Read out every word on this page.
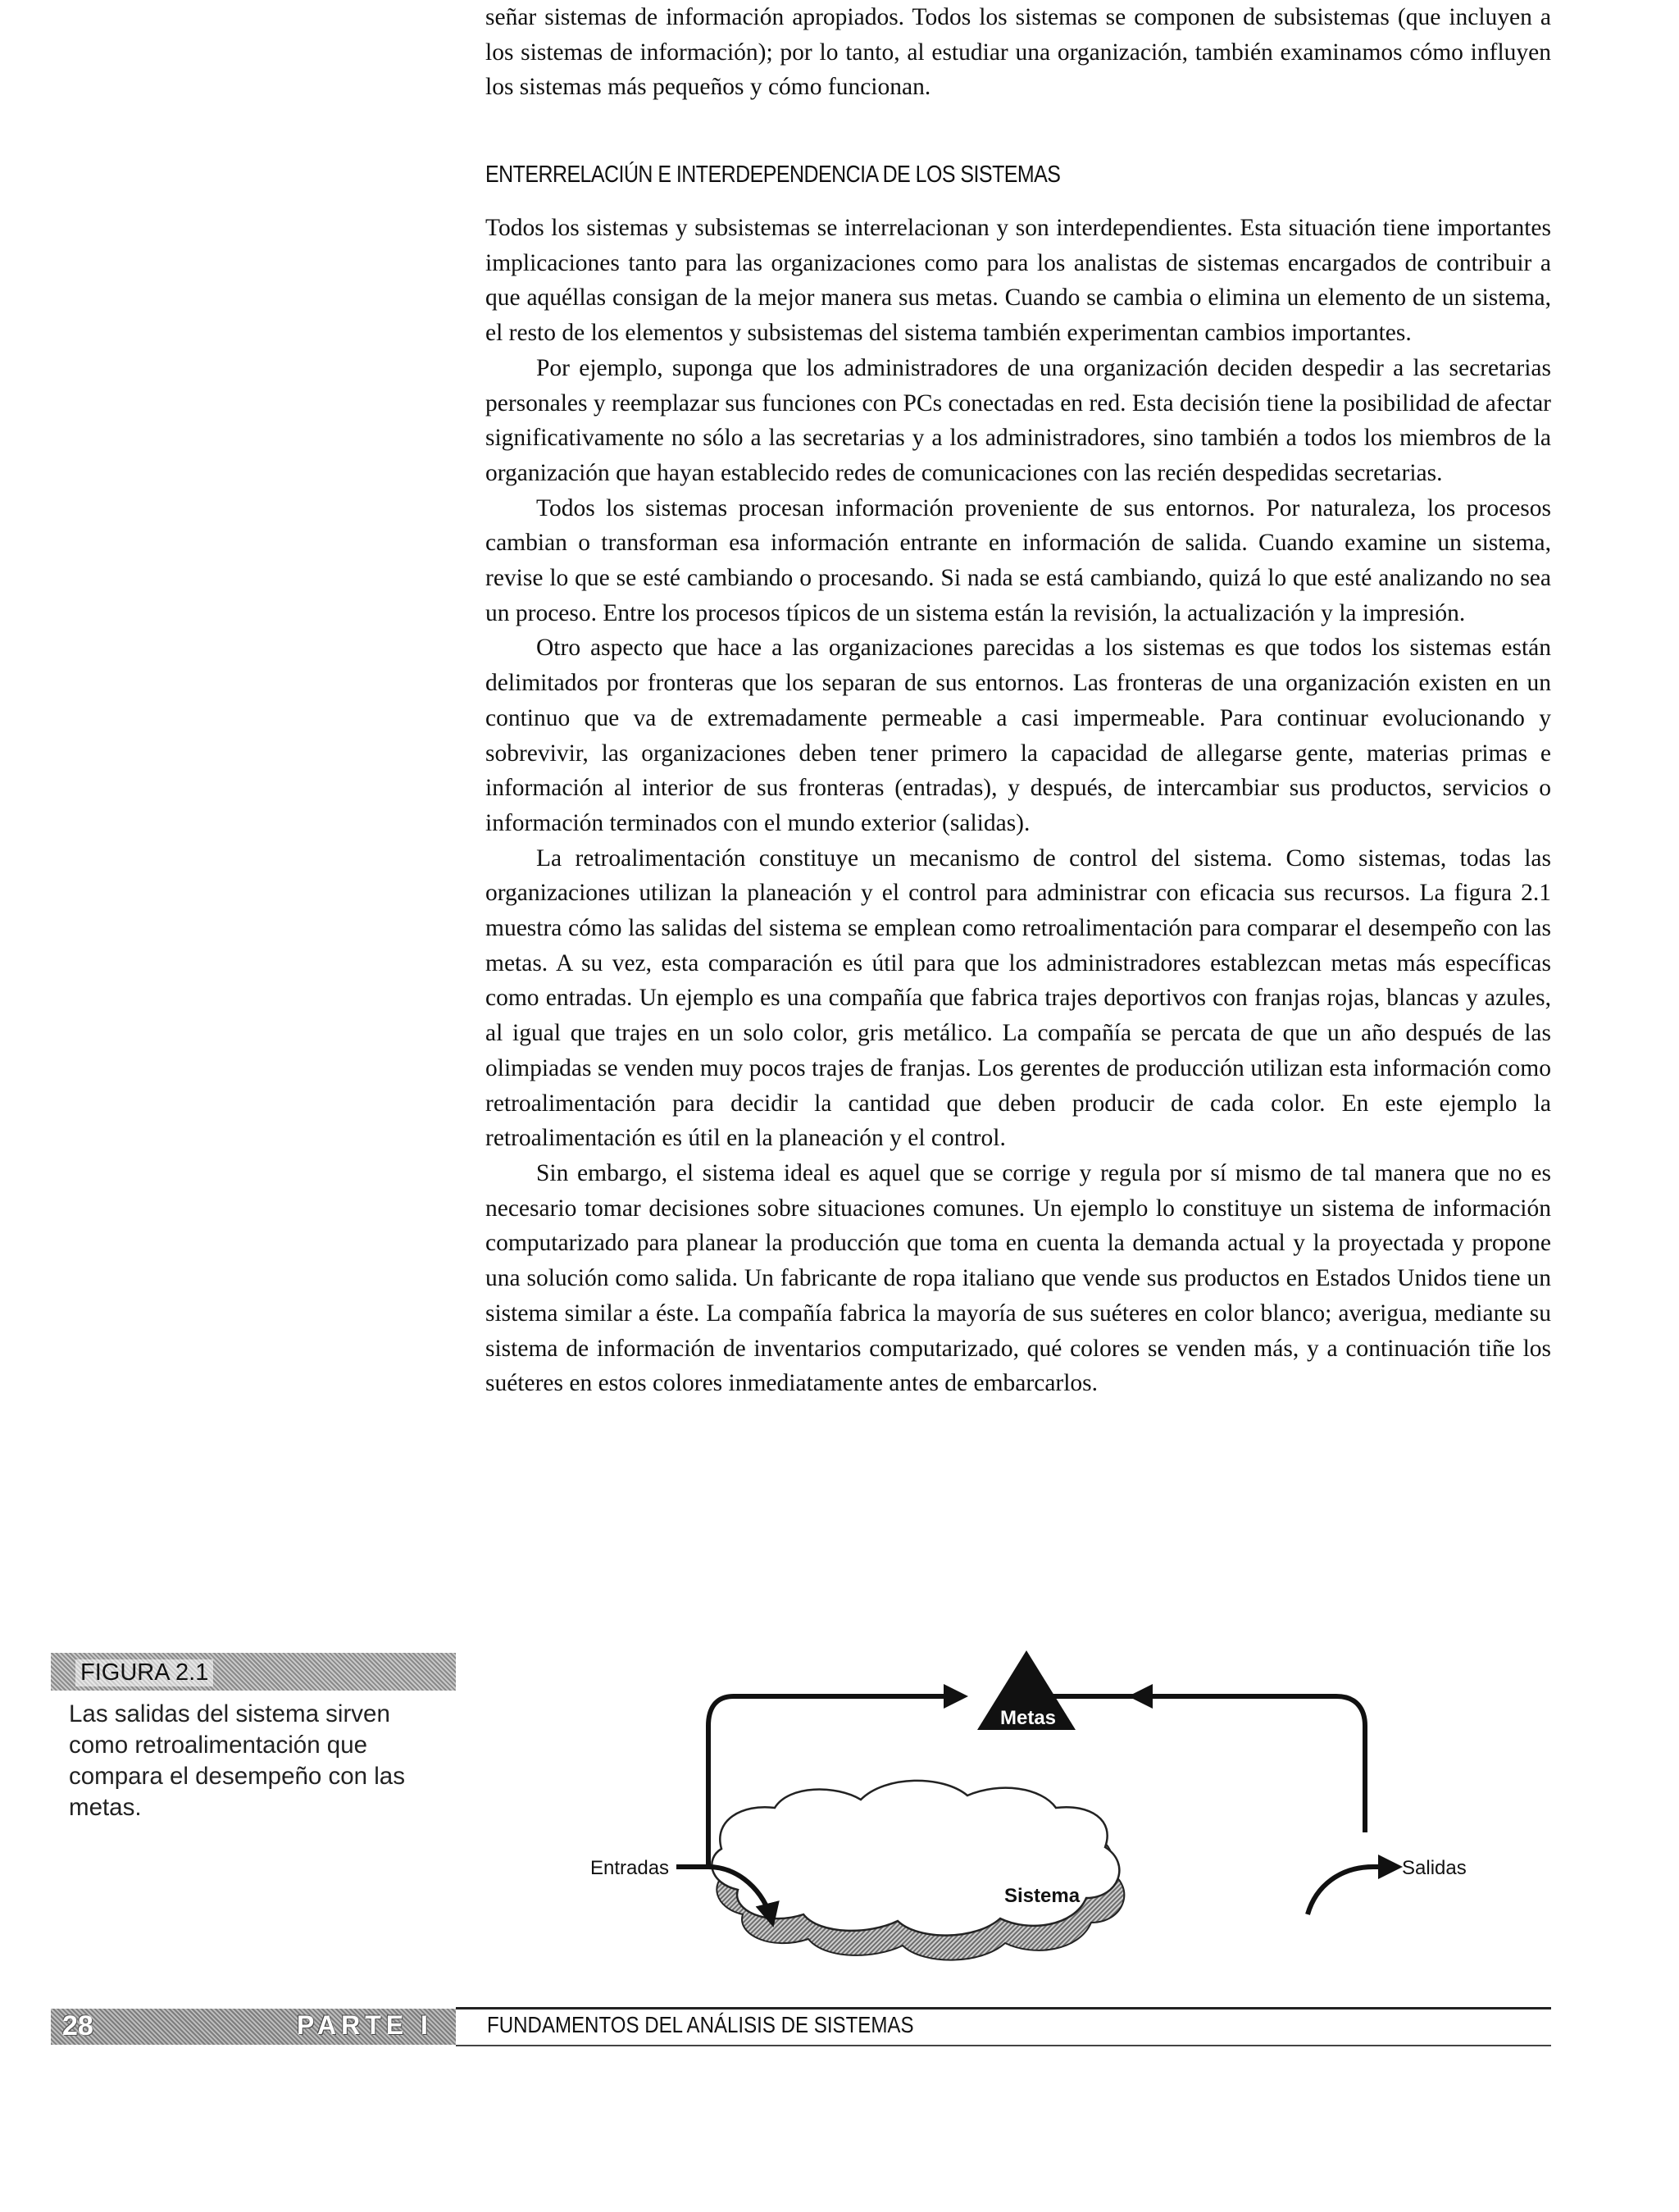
señar sistemas de información apropiados. Todos los sistemas se componen de subsistemas (que incluyen a los sistemas de información); por lo tanto, al estudiar una organización, también examinamos cómo influyen los sistemas más pequeños y cómo funcionan.

ENTERRELACIÚN E INTERDEPENDENCIA DE LOS SISTEMAS

Todos los sistemas y subsistemas se interrelacionan y son interdependientes. Esta situación tiene importantes implicaciones tanto para las organizaciones como para los analistas de sistemas encargados de contribuir a que aquéllas consigan de la mejor manera sus metas. Cuando se cambia o elimina un elemento de un sistema, el resto de los elementos y subsistemas del sistema también experimentan cambios importantes.

Por ejemplo, suponga que los administradores de una organización deciden despedir a las secretarias personales y reemplazar sus funciones con PCs conectadas en red. Esta decisión tiene la posibilidad de afectar significativamente no sólo a las secretarias y a los administradores, sino también a todos los miembros de la organización que hayan establecido redes de comunicaciones con las recién despedidas secretarias.

Todos los sistemas procesan información proveniente de sus entornos. Por naturaleza, los procesos cambian o transforman esa información entrante en información de salida. Cuando examine un sistema, revise lo que se esté cambiando o procesando. Si nada se está cambiando, quizá lo que esté analizando no sea un proceso. Entre los procesos típicos de un sistema están la revisión, la actualización y la impresión.

Otro aspecto que hace a las organizaciones parecidas a los sistemas es que todos los sistemas están delimitados por fronteras que los separan de sus entornos. Las fronteras de una organización existen en un continuo que va de extremadamente permeable a casi impermeable. Para continuar evolucionando y sobrevivir, las organizaciones deben tener primero la capacidad de allegarse gente, materias primas e información al interior de sus fronteras (entradas), y después, de intercambiar sus productos, servicios o información terminados con el mundo exterior (salidas).

La retroalimentación constituye un mecanismo de control del sistema. Como sistemas, todas las organizaciones utilizan la planeación y el control para administrar con eficacia sus recursos. La figura 2.1 muestra cómo las salidas del sistema se emplean como retroalimentación para comparar el desempeño con las metas. A su vez, esta comparación es útil para que los administradores establezcan metas más específicas como entradas. Un ejemplo es una compañía que fabrica trajes deportivos con franjas rojas, blancas y azules, al igual que trajes en un solo color, gris metálico. La compañía se percata de que un año después de las olimpiadas se venden muy pocos trajes de franjas. Los gerentes de producción utilizan esta información como retroalimentación para decidir la cantidad que deben producir de cada color. En este ejemplo la retroalimentación es útil en la planeación y el control.

Sin embargo, el sistema ideal es aquel que se corrige y regula por sí mismo de tal manera que no es necesario tomar decisiones sobre situaciones comunes. Un ejemplo lo constituye un sistema de información computarizado para planear la producción que toma en cuenta la demanda actual y la proyectada y propone una solución como salida. Un fabricante de ropa italiano que vende sus productos en Estados Unidos tiene un sistema similar a éste. La compañía fabrica la mayoría de sus suéteres en color blanco; averigua, mediante su sistema de información de inventarios computarizado, qué colores se venden más, y a continuación tiñe los suéteres en estos colores inmediatamente antes de embarcarlos.

FIGURA 2.1
Las salidas del sistema sirven como retroalimentación que compara el desempeño con las metas.
Metas
Entradas	Salidas
Sistema
28	PARTE I FUNDAMENTOS DEL ANÁLISIS DE SISTEMAS
